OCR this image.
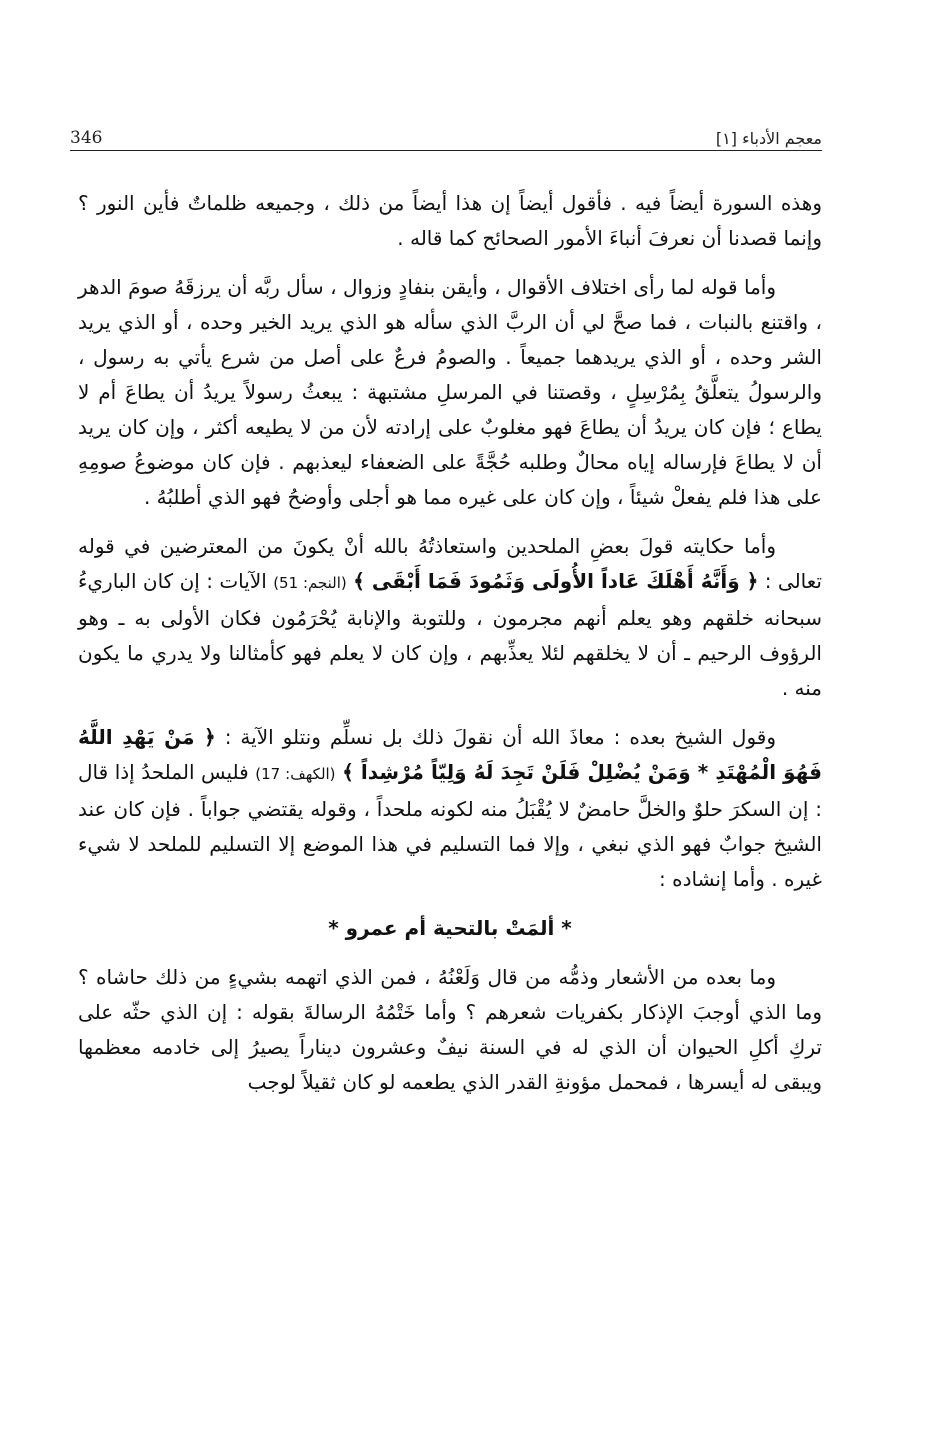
346	معجم الأدباء [١]

وهذه السورة أيضاً فيه . فأقول أيضاً إن هذا أيضاً من ذلك ، وجميعه ظلماتٌ فأين النور ؟ وإنما قصدنا أن نعرفَ أنباءَ الأمور الصحائح كما قاله .

وأما قوله لما رأى اختلاف الأقوال ، وأيقن بنفادٍ وزوال ، سأل ربَّه أن يرزقَهُ صومَ الدهر ، واقتنع بالنبات ، فما صحَّ لي أن الربَّ الذي سأله هو الذي يريد الخير وحده ، أو الذي يريد الشر وحده ، أو الذي يريدهما جميعاً . والصومُ فرعٌ على أصل من شرع يأتي به رسول ، والرسولُ يتعلَّقُ بِمُرْسِلٍ ، وقصتنا في المرسلِ مشتبهة : يبعثُ رسولاً يريدُ أن يطاعَ أم لا يطاع ؛ فإن كان يريدُ أن يطاعَ فهو مغلوبٌ على إرادته لأن من لا يطيعه أكثر ، وإن كان يريد أن لا يطاعَ فإرساله إياه محالٌ وطلبه حُجَّةً على الضعفاء ليعذبهم . فإن كان موضوعُ صومِهِ على هذا فلم يفعلْ شيئاً ، وإن كان على غيره مما هو أجلى وأوضحُ فهو الذي أطلبُهُ .

وأما حكايته قولَ بعضِ الملحدين واستعاذتُهُ بالله أنْ يكونَ من المعترضين في قوله تعالى : ﴿ وَأَنَّهُ أَهْلَكَ عَاداً الأُولَى وَثَمُودَ فَمَا أَبْقَى ﴾ (النجم: 51) الآيات : إن كان الباريءُ سبحانه خلقهم وهو يعلم أنهم مجرمون ، وللتوبة والإنابة يُحْرَمُون فكان الأولى به ـ وهو الرؤوف الرحيم ـ أن لا يخلقهم لئلا يعذِّبهم ، وإن كان لا يعلم فهو كأمثالنا ولا يدري ما يكون منه .

وقول الشيخ بعده : معاذَ الله أن نقولَ ذلك بل نسلِّم ونتلو الآية : ﴿ مَنْ يَهْدِ اللَّهُ فَهُوَ الْمُهْتَدِ * وَمَنْ يُضْلِلْ فَلَنْ تَجِدَ لَهُ وَلِيّاً مُرْشِداً ﴾ (الكهف: 17) فليس الملحدُ إذا قال : إن السكرَ حلوٌ والخلَّ حامضٌ لا يُقْبَلُ منه لكونه ملحداً ، وقوله يقتضي جواباً . فإن كان عند الشيخ جوابٌ فهو الذي نبغي ، وإلا فما التسليم في هذا الموضع إلا التسليم للملحد لا شيء غيره . وأما إنشاده :

* ألمَتْ بالتحية أم عمرو *

وما بعده من الأشعار وذمُّه من قال وَلَعْنُهُ ، فمن الذي اتهمه بشيءٍ من ذلك حاشاه ؟ وما الذي أوجبَ الإذكار بكفريات شعرهم ؟ وأما خَتْمُهُ الرسالةَ بقوله : إن الذي حثّه على تركِ أكلِ الحيوان أن الذي له في السنة نيفٌ وعشرون ديناراً يصيرُ إلى خادمه معظمها ويبقى له أيسرها ، فمحمل مؤونةِ القدر الذي يطعمه لو كان ثقيلاً لوجب
